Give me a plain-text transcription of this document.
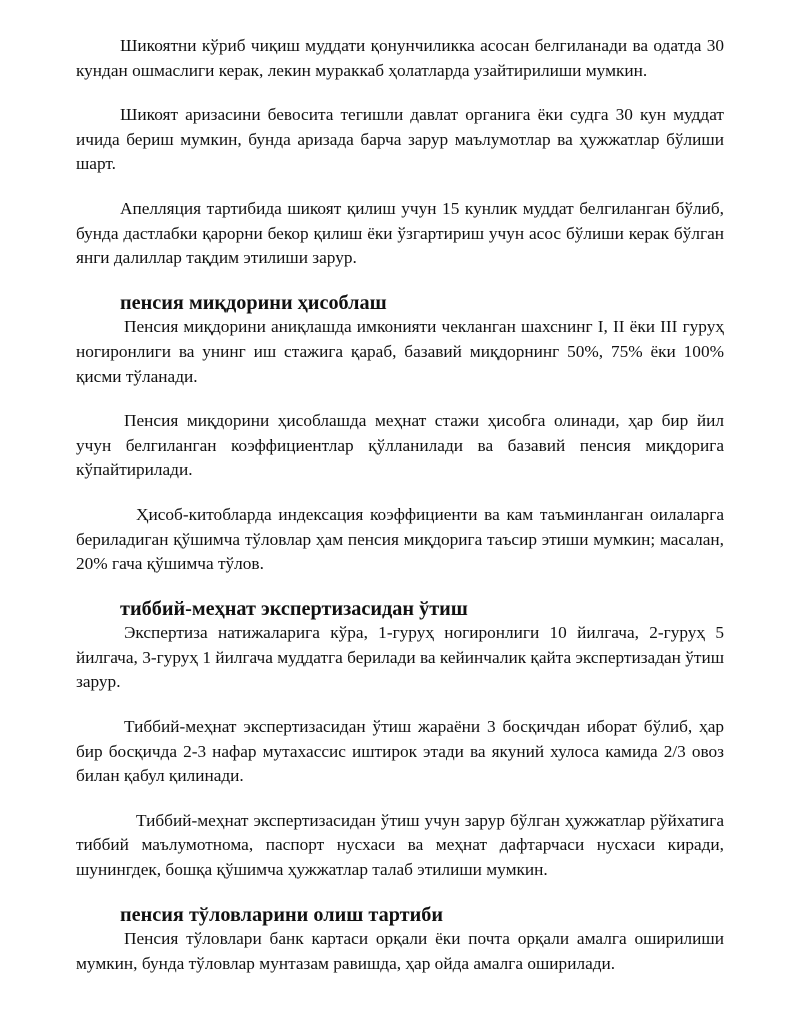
Шикоятни кўриб чиқиш муддати қонунчиликка асосан белгиланади ва одатда 30 кундан ошмаслиги керак, лекин мураккаб ҳолатларда узайтирилиши мумкин.

Шикоят аризасини бевосита тегишли давлат органига ёки судга 30 кун муддат ичида бериш мумкин, бунда аризада барча зарур маълумотлар ва ҳужжатлар бўлиши шарт.

Апелляция тартибида шикоят қилиш учун 15 кунлик муддат белгиланган бўлиб, бунда дастлабки қарорни бекор қилиш ёки ўзгартириш учун асос бўлиши керак бўлган янги далиллар тақдим этилиши зарур.

пенсия миқдорини ҳисоблаш

Пенсия миқдорини аниқлашда имконияти чекланган шахснинг I, II ёки III гуруҳ ногиронлиги ва унинг иш стажига қараб, базавий миқдорнинг 50%, 75% ёки 100% қисми тўланади.

Пенсия миқдорини ҳисоблашда меҳнат стажи ҳисобга олинади, ҳар бир йил учун белгиланган коэффициентлар қўлланилади ва базавий пенсия миқдорига кўпайтирилади.

Ҳисоб-китобларда индексация коэффициенти ва кам таъминланган оилаларга бериладиган қўшимча тўловлар ҳам пенсия миқдорига таъсир этиши мумкин; масалан, 20% гача қўшимча тўлов.

тиббий-меҳнат экспертизасидан ўтиш

Экспертиза натижаларига кўра, 1-гуруҳ ногиронлиги 10 йилгача, 2-гуруҳ 5 йилгача, 3-гуруҳ 1 йилгача муддатга берилади ва кейинчалик қайта экспертизадан ўтиш зарур.

Тиббий-меҳнат экспертизасидан ўтиш жараёни 3 босқичдан иборат бўлиб, ҳар бир босқичда 2-3 нафар мутахассис иштирок этади ва якуний хулоса камида 2/3 овоз билан қабул қилинади.

Тиббий-меҳнат экспертизасидан ўтиш учун зарур бўлган ҳужжатлар рўйхатига тиббий маълумотнома, паспорт нусхаси ва меҳнат дафтарчаси нусхаси киради, шунингдек, бошқа қўшимча ҳужжатлар талаб этилиши мумкин.

пенсия тўловларини олиш тартиби

Пенсия тўловлари банк картаси орқали ёки почта орқали амалга оширилиши мумкин, бунда тўловлар мунтазам равишда, ҳар ойда амалга оширилади.
